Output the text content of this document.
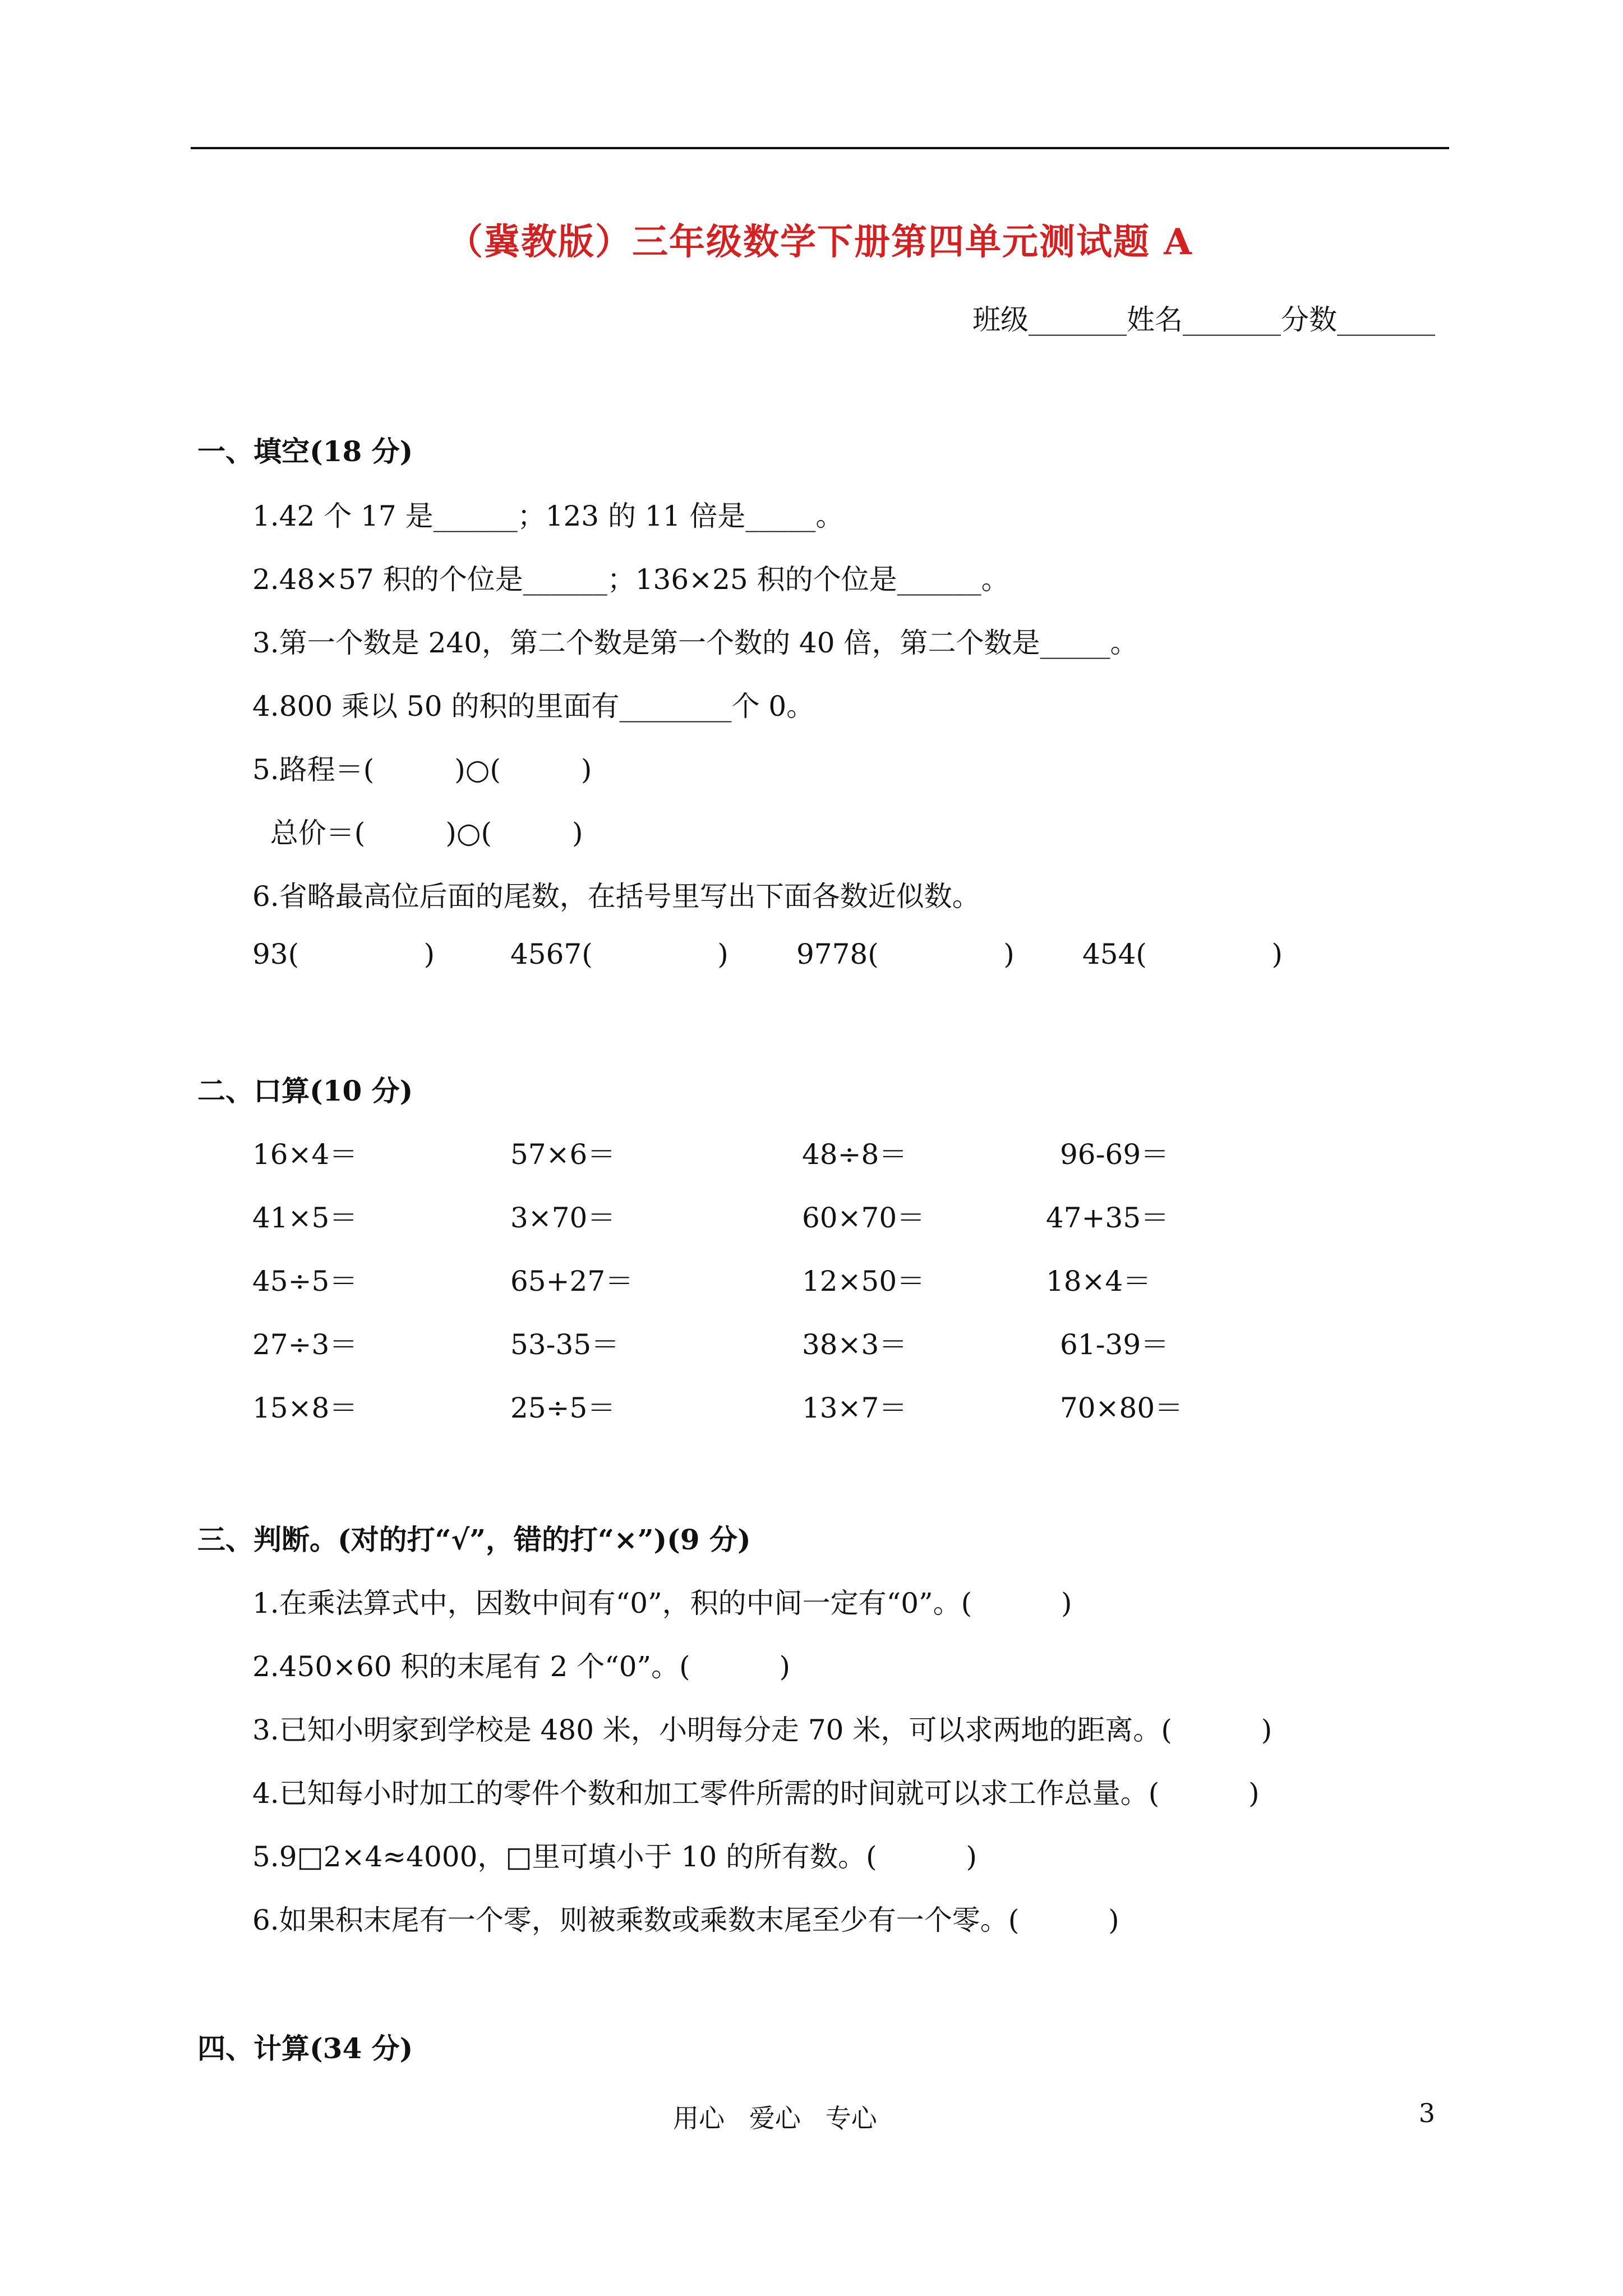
（冀教版）三年级数学下册第四单元测试题 A
班级_______姓名_______分数_______
一、填空(18 分)
1.42 个 17 是______；123 的 11 倍是_____。
2.48×57 积的个位是______；136×25 积的个位是______。
3.第一个数是 240，第二个数是第一个数的 40 倍，第二个数是_____。
4.800 乘以 50 的积的里面有________个 0。
5.路程＝(         )○(         )
总价＝(         )○(         )
6.省略最高位后面的尾数，在括号里写出下面各数近似数。
93(              )	4567(              ) 9778(              ) 454(              )
二、口算(10 分)
16×4＝
41×5＝
45÷5＝
27÷3＝
15×8＝
57×6＝
3×70＝
65+27＝
53-35＝
25÷5＝
48÷8＝
60×70＝
12×50＝
38×3＝
13×7＝
96-69＝
47+35＝
18×4＝
61-39＝
70×80＝
三、判断。(对的打“√”，错的打“×”)(9 分)
1.在乘法算式中，因数中间有“0”，积的中间一定有“0”。(          )
2.450×60 积的末尾有 2 个“0”。(          )
3.已知小明家到学校是 480 米，小明每分走 70 米，可以求两地的距离。(          )
4.已知每小时加工的零件个数和加工零件所需的时间就可以求工作总量。(          )
5.9□2×4≈4000，□里可填小于 10 的所有数。(          )
6.如果积末尾有一个零，则被乘数或乘数末尾至少有一个零。(          )
四、计算(34 分)
用心   爱心   专心	3
